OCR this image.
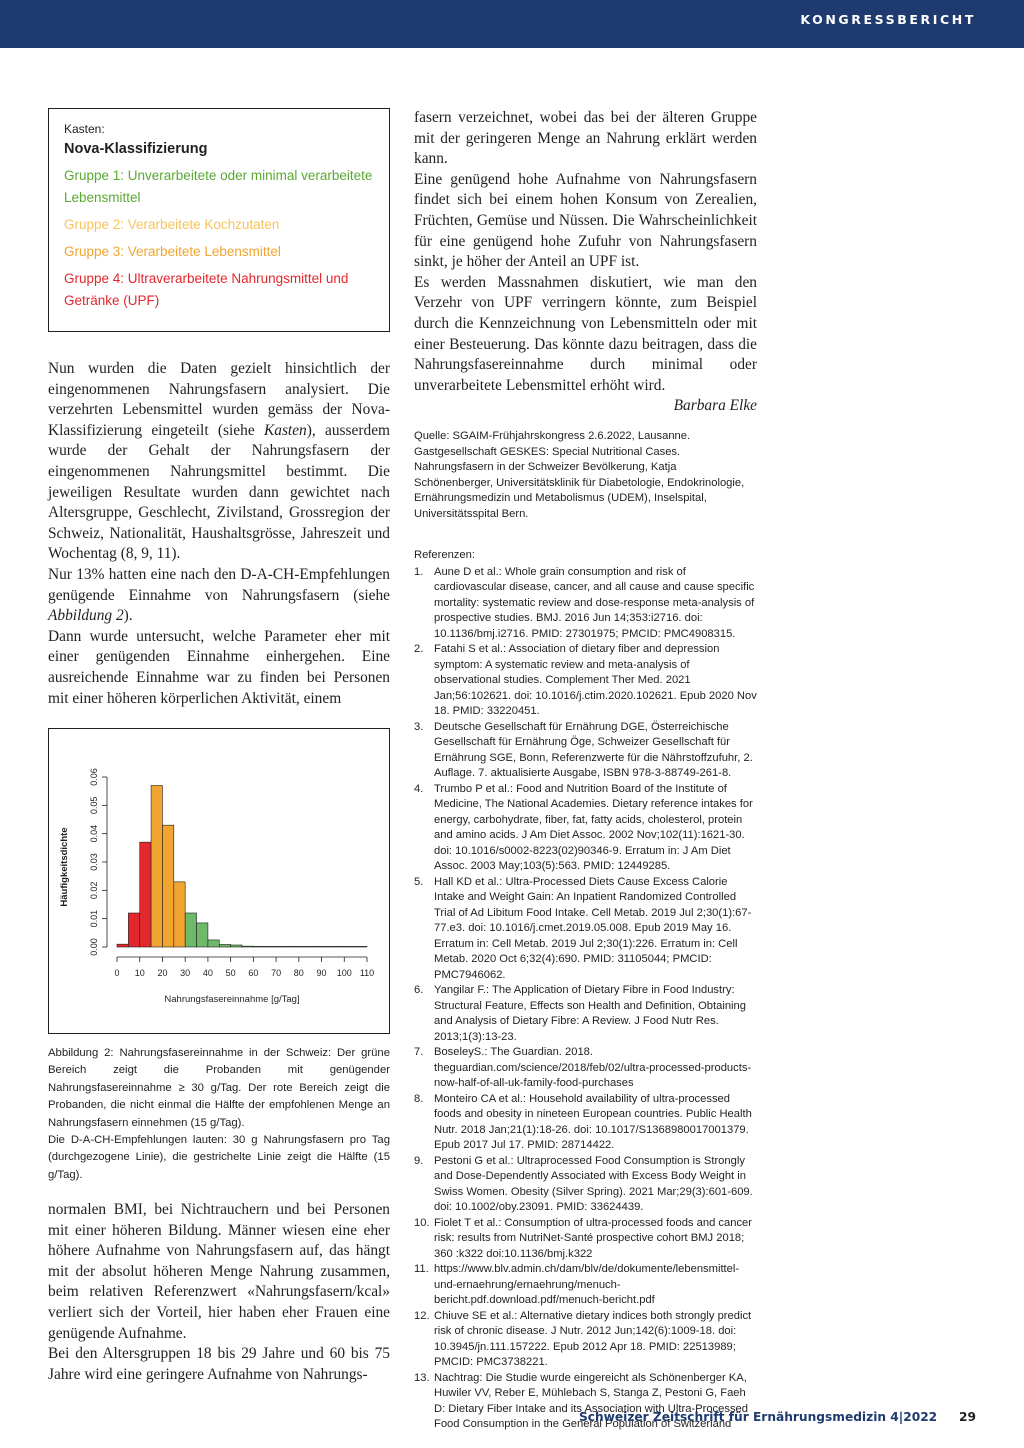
KONGRESSBERICHT
Kasten:
Nova-Klassifizierung
Gruppe 1: Unverarbeitete oder minimal verarbeitete Lebensmittel
Gruppe 2: Verarbeitete Kochzutaten
Gruppe 3: Verarbeitete Lebensmittel
Gruppe 4: Ultraverarbeitete Nahrungsmittel und Getränke (UPF)

Nun wurden die Daten gezielt hinsichtlich der eingenommenen Nahrungsfasern analysiert. Die verzehrten Lebensmittel wurden gemäss der Nova-Klassifizierung eingeteilt (siehe Kasten), ausserdem wurde der Gehalt der Nahrungsfasern der eingenommenen Nahrungsmittel bestimmt. Die jeweiligen Resultate wurden dann gewichtet nach Altersgruppe, Geschlecht, Zivilstand, Grossregion der Schweiz, Nationalität, Haushaltsgrösse, Jahreszeit und Wochentag (8, 9, 11).

Nur 13% hatten eine nach den D-A-CH-Empfehlungen genügende Einnahme von Nahrungsfasern (siehe Abbildung 2).

Dann wurde untersucht, welche Parameter eher mit einer genügenden Einnahme einhergehen. Eine ausreichende Einnahme war zu finden bei Personen mit einer höheren körperlichen Aktivität, einem

0 10 20 30 40 50 60 70 80 90 100 110
0.00
0.01
0.02
0.03
0.04
0.05
0.06
Nahrungsfasereinnahme [g/Tag]
Häufigkeitsdichte

Abbildung 2: Nahrungsfasereinnahme in der Schweiz: Der grüne Bereich zeigt die Probanden mit genügender Nahrungsfasereinnahme ≥ 30 g/Tag. Der rote Bereich zeigt die Probanden, die nicht einmal die Hälfte der empfohlenen Menge an Nahrungsfasern einnehmen (15 g/Tag).

Die D-A-CH-Empfehlungen lauten: 30 g Nahrungsfasern pro Tag (durchgezogene Linie), die gestrichelte Linie zeigt die Hälfte (15 g/Tag).

normalen BMI, bei Nichtrauchern und bei Personen mit einer höheren Bildung. Männer wiesen eine eher höhere Aufnahme von Nahrungsfasern auf, das hängt mit der absolut höheren Menge Nahrung zusammen, beim relativen Referenzwert «Nahrungsfasern/kcal» verliert sich der Vorteil, hier haben eher Frauen eine genügende Aufnahme.

Bei den Altersgruppen 18 bis 29 Jahre und 60 bis 75 Jahre wird eine geringere Aufnahme von Nahrungs-

fasern verzeichnet, wobei das bei der älteren Gruppe mit der geringeren Menge an Nahrung erklärt werden kann.

Eine genügend hohe Aufnahme von Nahrungsfasern findet sich bei einem hohen Konsum von Zerealien, Früchten, Gemüse und Nüssen. Die Wahrscheinlichkeit für eine genügend hohe Zufuhr von Nahrungsfasern sinkt, je höher der Anteil an UPF ist.

Es werden Massnahmen diskutiert, wie man den Verzehr von UPF verringern könnte, zum Beispiel durch die Kennzeichnung von Lebensmitteln oder mit einer Besteuerung. Das könnte dazu beitragen, dass die Nahrungsfasereinnahme durch minimal oder unverarbeitete Lebensmittel erhöht wird.

Barbara Elke

Quelle: SGAIM-Frühjahrskongress 2.6.2022, Lausanne. Gastgesellschaft GESKES: Special Nutritional Cases. Nahrungsfasern in der Schweizer Bevölkerung, Katja Schönenberger, Universitätsklinik für Diabetologie, Endokrinologie, Ernährungsmedizin und Metabolismus (UDEM), Inselspital, Universitätsspital Bern.
Referenzen:
1. Aune D et al.: Whole grain consumption and risk of cardiovascular disease, cancer, and all cause and cause specific mortality: systematic review and dose-response meta-analysis of prospective studies. BMJ. 2016 Jun 14;353:i2716. doi: 10.1136/bmj.i2716. PMID: 27301975; PMCID: PMC4908315.
2. Fatahi S et al.: Association of dietary fiber and depression symptom: A systematic review and meta-analysis of observational studies. Complement Ther Med. 2021 Jan;56:102621. doi: 10.1016/j.ctim.2020.102621. Epub 2020 Nov 18. PMID: 33220451.
3. Deutsche Gesellschaft für Ernährung DGE, Österreichische Gesellschaft für Ernährung Öge, Schweizer Gesellschaft für Ernährung SGE, Bonn, Referenzwerte für die Nährstoffzufuhr, 2. Auflage. 7. aktualisierte Ausgabe, ISBN 978-3-88749-261-8.
4. Trumbo P et al.: Food and Nutrition Board of the Institute of Medicine, The National Academies. Dietary reference intakes for energy, carbohydrate, fiber, fat, fatty acids, cholesterol, protein and amino acids. J Am Diet Assoc. 2002 Nov;102(11):1621-30. doi: 10.1016/s0002-8223(02)90346-9. Erratum in: J Am Diet Assoc. 2003 May;103(5):563. PMID: 12449285.
5. Hall KD et al.: Ultra-Processed Diets Cause Excess Calorie Intake and Weight Gain: An Inpatient Randomized Controlled Trial of Ad Libitum Food Intake. Cell Metab. 2019 Jul 2;30(1):67-77.e3. doi: 10.1016/j.cmet.2019.05.008. Epub 2019 May 16. Erratum in: Cell Metab. 2019 Jul 2;30(1):226. Erratum in: Cell Metab. 2020 Oct 6;32(4):690. PMID: 31105044; PMCID: PMC7946062.
6. Yangilar F.: The Application of Dietary Fibre in Food Industry: Structural Feature, Effects son Health and Definition, Obtaining and Analysis of Dietary Fibre: A Review. J Food Nutr Res. 2013;1(3):13-23.
7. BoseleyS.: The Guardian. 2018. theguardian.com/science/2018/feb/02/ultra-processed-products-now-half-of-all-uk-family-food-purchases
8. Monteiro CA et al.: Household availability of ultra-processed foods and obesity in nineteen European countries. Public Health Nutr. 2018 Jan;21(1):18-26. doi: 10.1017/S1368980017001379. Epub 2017 Jul 17. PMID: 28714422.
9. Pestoni G et al.: Ultraprocessed Food Consumption is Strongly and Dose-Dependently Associated with Excess Body Weight in Swiss Women. Obesity (Silver Spring). 2021 Mar;29(3):601-609. doi: 10.1002/oby.23091. PMID: 33624439.
10. Fiolet T et al.: Consumption of ultra-processed foods and cancer risk: results from NutriNet-Santé prospective cohort BMJ 2018; 360 :k322 doi:10.1136/bmj.k322
11. https://www.blv.admin.ch/dam/blv/de/dokumente/lebensmittel-und-ernaehrung/ernaehrung/menuch-bericht.pdf.download.pdf/menuch-bericht.pdf
12. Chiuve SE et al.: Alternative dietary indices both strongly predict risk of chronic disease. J Nutr. 2012 Jun;142(6):1009-18. doi: 10.3945/jn.111.157222. Epub 2012 Apr 18. PMID: 22513989; PMCID: PMC3738221.
13. Nachtrag: Die Studie wurde eingereicht als Schönenberger KA, Huwiler VV, Reber E, Mühlebach S, Stanga Z, Pestoni G, Faeh D: Dietary Fiber Intake and its Association with Ultra-Processed Food Consumption in the General Population of Switzerland
Schweizer Zeitschrift für Ernährungsmedizin 4|2022 29
